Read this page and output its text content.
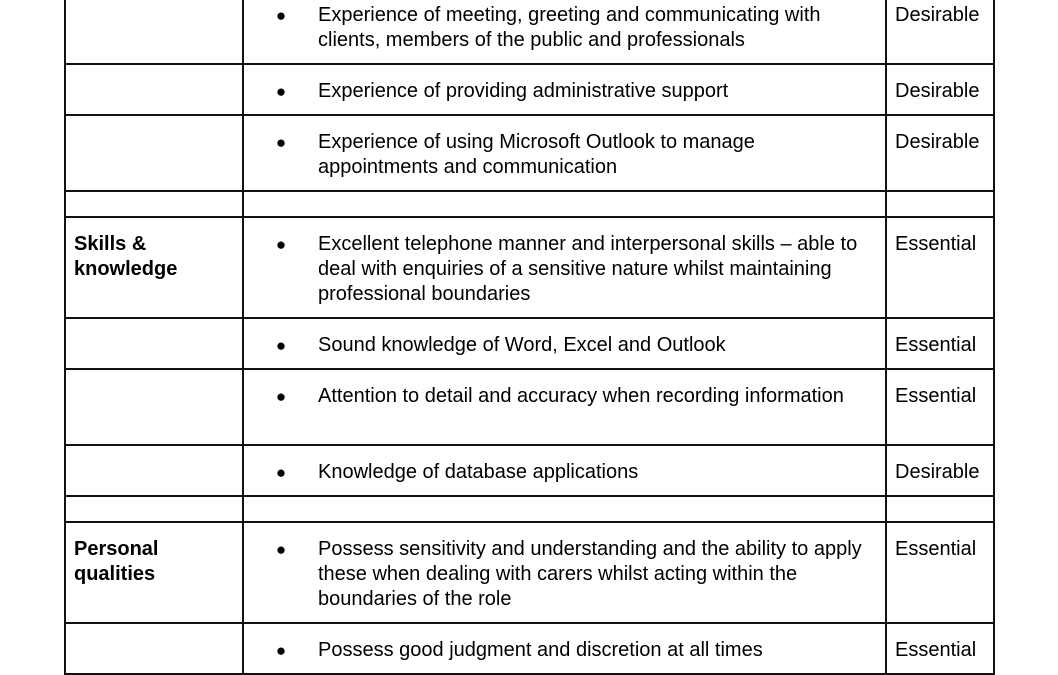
	● Experience of meeting, greeting and communicating with clients, members of the public and professionals	Desirable

	● Experience of providing administrative support	Desirable

	● Experience of using Microsoft Outlook to manage appointments and communication	Desirable

Skills & knowledge	● Excellent telephone manner and interpersonal skills – able to deal with enquiries of a sensitive nature whilst maintaining professional boundaries	Essential

	● Sound knowledge of Word, Excel and Outlook	Essential

	● Attention to detail and accuracy when recording information	Essential

	● Knowledge of database applications	Desirable

Personal qualities	● Possess sensitivity and understanding and the ability to apply these when dealing with carers whilst acting within the boundaries of the role	Essential

	● Possess good judgment and discretion at all times	Essential
